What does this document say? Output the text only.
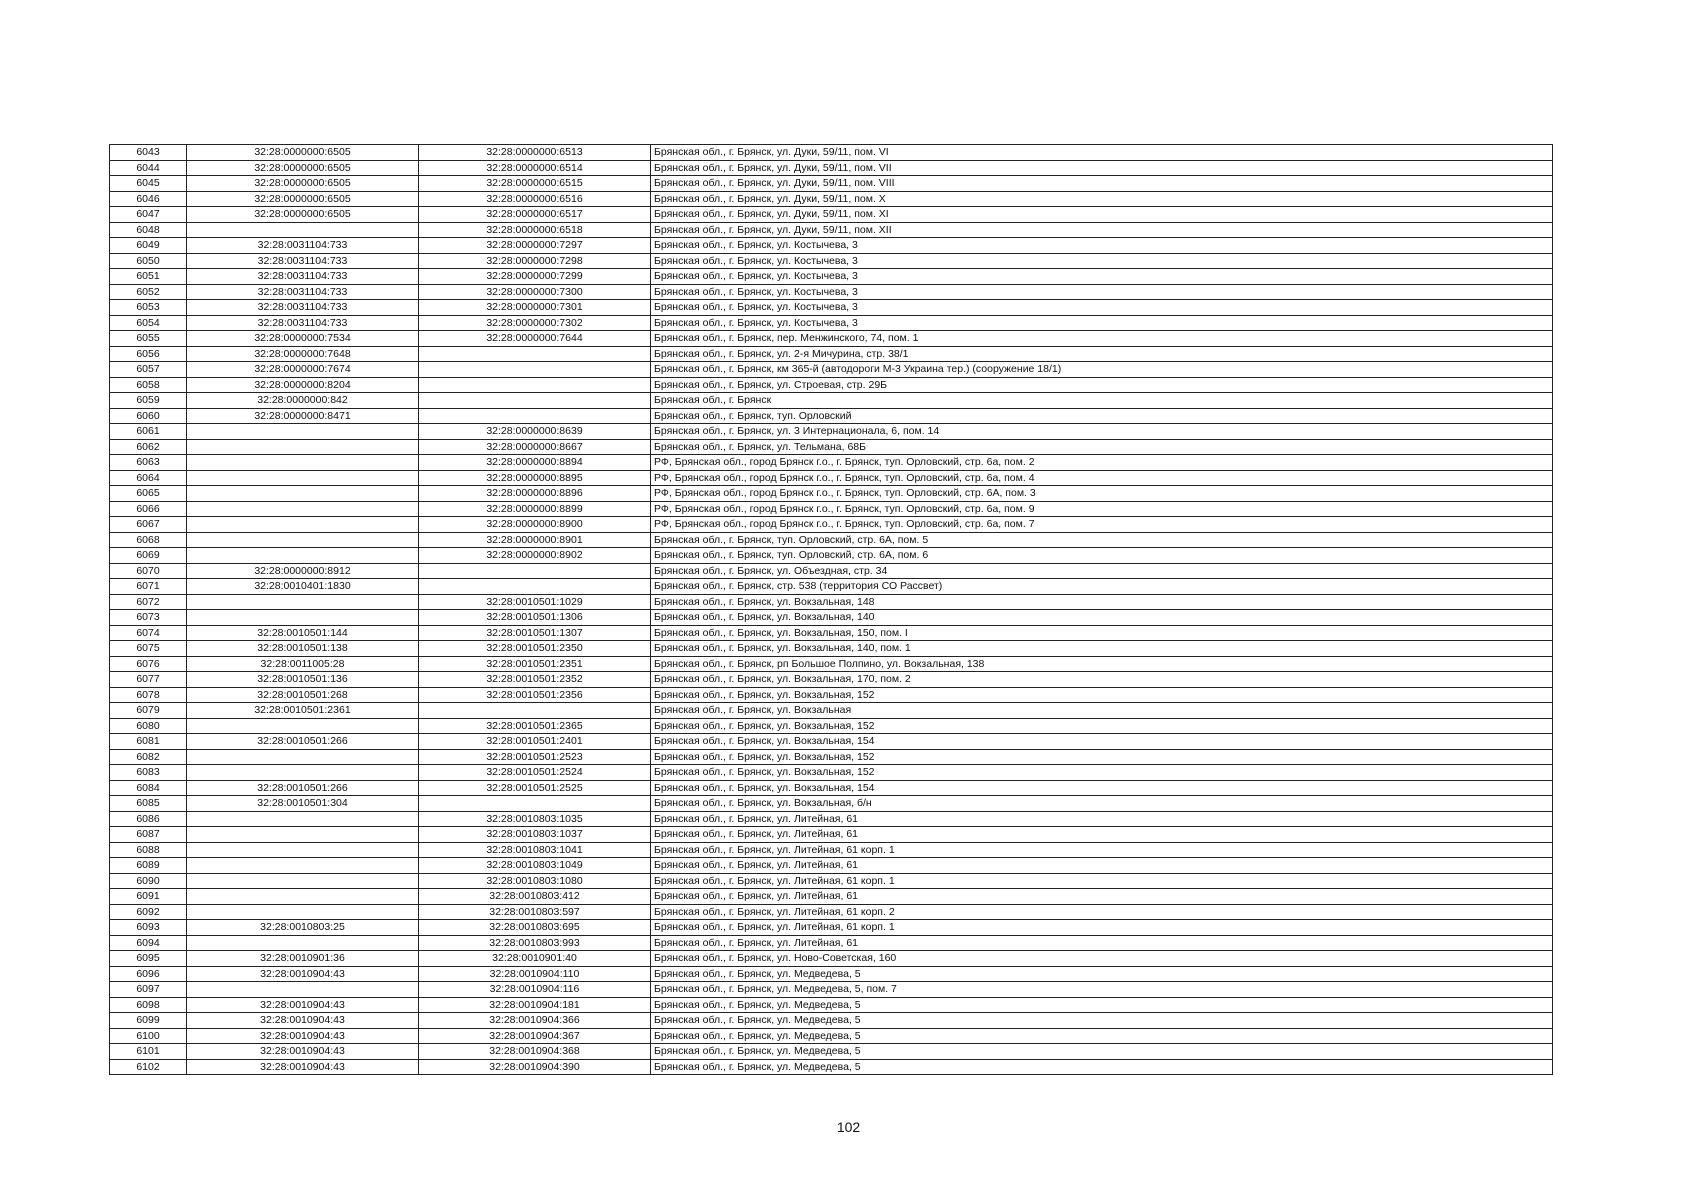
6043	32:28:0000000:6505	32:28:0000000:6513	Брянская обл., г. Брянск, ул. Дуки, 59/11, пом. VI
6044	32:28:0000000:6505	32:28:0000000:6514	Брянская обл., г. Брянск, ул. Дуки, 59/11, пом. VII
6045	32:28:0000000:6505	32:28:0000000:6515	Брянская обл., г. Брянск, ул. Дуки, 59/11, пом. VIII
6046	32:28:0000000:6505	32:28:0000000:6516	Брянская обл., г. Брянск, ул. Дуки, 59/11, пом. X
6047	32:28:0000000:6505	32:28:0000000:6517	Брянская обл., г. Брянск, ул. Дуки, 59/11, пом. XI
6048		32:28:0000000:6518	Брянская обл., г. Брянск, ул. Дуки, 59/11, пом. XII
6049	32:28:0031104:733	32:28:0000000:7297	Брянская обл., г. Брянск, ул. Костычева, 3
6050	32:28:0031104:733	32:28:0000000:7298	Брянская обл., г. Брянск, ул. Костычева, 3
6051	32:28:0031104:733	32:28:0000000:7299	Брянская обл., г. Брянск, ул. Костычева, 3
6052	32:28:0031104:733	32:28:0000000:7300	Брянская обл., г. Брянск, ул. Костычева, 3
6053	32:28:0031104:733	32:28:0000000:7301	Брянская обл., г. Брянск, ул. Костычева, 3
6054	32:28:0031104:733	32:28:0000000:7302	Брянская обл., г. Брянск, ул. Костычева, 3
6055	32:28:0000000:7534	32:28:0000000:7644	Брянская обл., г. Брянск, пер. Менжинского, 74, пом. 1
6056	32:28:0000000:7648		Брянская обл., г. Брянск, ул. 2-я Мичурина, стр. 38/1
6057	32:28:0000000:7674		Брянская обл., г. Брянск, км 365-й (автодороги М-3 Украина тер.) (сооружение 18/1)
6058	32:28:0000000:8204		Брянская обл., г. Брянск, ул. Строевая, стр. 29Б
6059	32:28:0000000:842		Брянская обл., г. Брянск
6060	32:28:0000000:8471		Брянская обл., г. Брянск, туп. Орловский
6061		32:28:0000000:8639	Брянская обл., г. Брянск, ул. 3 Интернационала, 6, пом. 14
6062		32:28:0000000:8667	Брянская обл., г. Брянск, ул. Тельмана, 68Б
6063		32:28:0000000:8894	РФ, Брянская обл., город Брянск г.о., г. Брянск, туп. Орловский, стр. 6а, пом. 2
6064		32:28:0000000:8895	РФ, Брянская обл., город Брянск г.о., г. Брянск, туп. Орловский, стр. 6а, пом. 4
6065		32:28:0000000:8896	РФ, Брянская обл., город Брянск г.о., г. Брянск, туп. Орловский, стр. 6А, пом. 3
6066		32:28:0000000:8899	РФ, Брянская обл., город Брянск г.о., г. Брянск, туп. Орловский, стр. 6а, пом. 9
6067		32:28:0000000:8900	РФ, Брянская обл., город Брянск г.о., г. Брянск, туп. Орловский, стр. 6а, пом. 7
6068		32:28:0000000:8901	Брянская обл., г. Брянск, туп. Орловский, стр. 6А, пом. 5
6069		32:28:0000000:8902	Брянская обл., г. Брянск, туп. Орловский, стр. 6А, пом. 6
6070	32:28:0000000:8912		Брянская обл., г. Брянск, ул. Объездная, стр. 34
6071	32:28:0010401:1830		Брянская обл., г. Брянск, стр. 538 (территория СО Рассвет)
6072		32:28:0010501:1029	Брянская обл., г. Брянск, ул. Вокзальная, 148
6073		32:28:0010501:1306	Брянская обл., г. Брянск, ул. Вокзальная, 140
6074	32:28:0010501:144	32:28:0010501:1307	Брянская обл., г. Брянск, ул. Вокзальная, 150, пом. I
6075	32:28:0010501:138	32:28:0010501:2350	Брянская обл., г. Брянск, ул. Вокзальная, 140, пом. 1
6076	32:28:0011005:28	32:28:0010501:2351	Брянская обл., г. Брянск, рп Большое Полпино, ул. Вокзальная, 138
6077	32:28:0010501:136	32:28:0010501:2352	Брянская обл., г. Брянск, ул. Вокзальная, 170, пом. 2
6078	32:28:0010501:268	32:28:0010501:2356	Брянская обл., г. Брянск, ул. Вокзальная, 152
6079	32:28:0010501:2361		Брянская обл., г. Брянск, ул. Вокзальная
6080		32:28:0010501:2365	Брянская обл., г. Брянск, ул. Вокзальная, 152
6081	32:28:0010501:266	32:28:0010501:2401	Брянская обл., г. Брянск, ул. Вокзальная, 154
6082		32:28:0010501:2523	Брянская обл., г. Брянск, ул. Вокзальная, 152
6083		32:28:0010501:2524	Брянская обл., г. Брянск, ул. Вокзальная, 152
6084	32:28:0010501:266	32:28:0010501:2525	Брянская обл., г. Брянск, ул. Вокзальная, 154
6085	32:28:0010501:304		Брянская обл., г. Брянск, ул. Вокзальная, б/н
6086		32:28:0010803:1035	Брянская обл., г. Брянск, ул. Литейная, 61
6087		32:28:0010803:1037	Брянская обл., г. Брянск, ул. Литейная, 61
6088		32:28:0010803:1041	Брянская обл., г. Брянск, ул. Литейная, 61 корп. 1
6089		32:28:0010803:1049	Брянская обл., г. Брянск, ул. Литейная, 61
6090		32:28:0010803:1080	Брянская обл., г. Брянск, ул. Литейная, 61 корп. 1
6091		32:28:0010803:412	Брянская обл., г. Брянск, ул. Литейная, 61
6092		32:28:0010803:597	Брянская обл., г. Брянск, ул. Литейная, 61 корп. 2
6093	32:28:0010803:25	32:28:0010803:695	Брянская обл., г. Брянск, ул. Литейная, 61 корп. 1
6094		32:28:0010803:993	Брянская обл., г. Брянск, ул. Литейная, 61
6095	32:28:0010901:36	32:28:0010901:40	Брянская обл., г. Брянск, ул. Ново-Советская, 160
6096	32:28:0010904:43	32:28:0010904:110	Брянская обл., г. Брянск, ул. Медведева, 5
6097		32:28:0010904:116	Брянская обл., г. Брянск, ул. Медведева, 5, пом. 7
6098	32:28:0010904:43	32:28:0010904:181	Брянская обл., г. Брянск, ул. Медведева, 5
6099	32:28:0010904:43	32:28:0010904:366	Брянская обл., г. Брянск, ул. Медведева, 5
6100	32:28:0010904:43	32:28:0010904:367	Брянская обл., г. Брянск, ул. Медведева, 5
6101	32:28:0010904:43	32:28:0010904:368	Брянская обл., г. Брянск, ул. Медведева, 5
6102	32:28:0010904:43	32:28:0010904:390	Брянская обл., г. Брянск, ул. Медведева, 5
102
